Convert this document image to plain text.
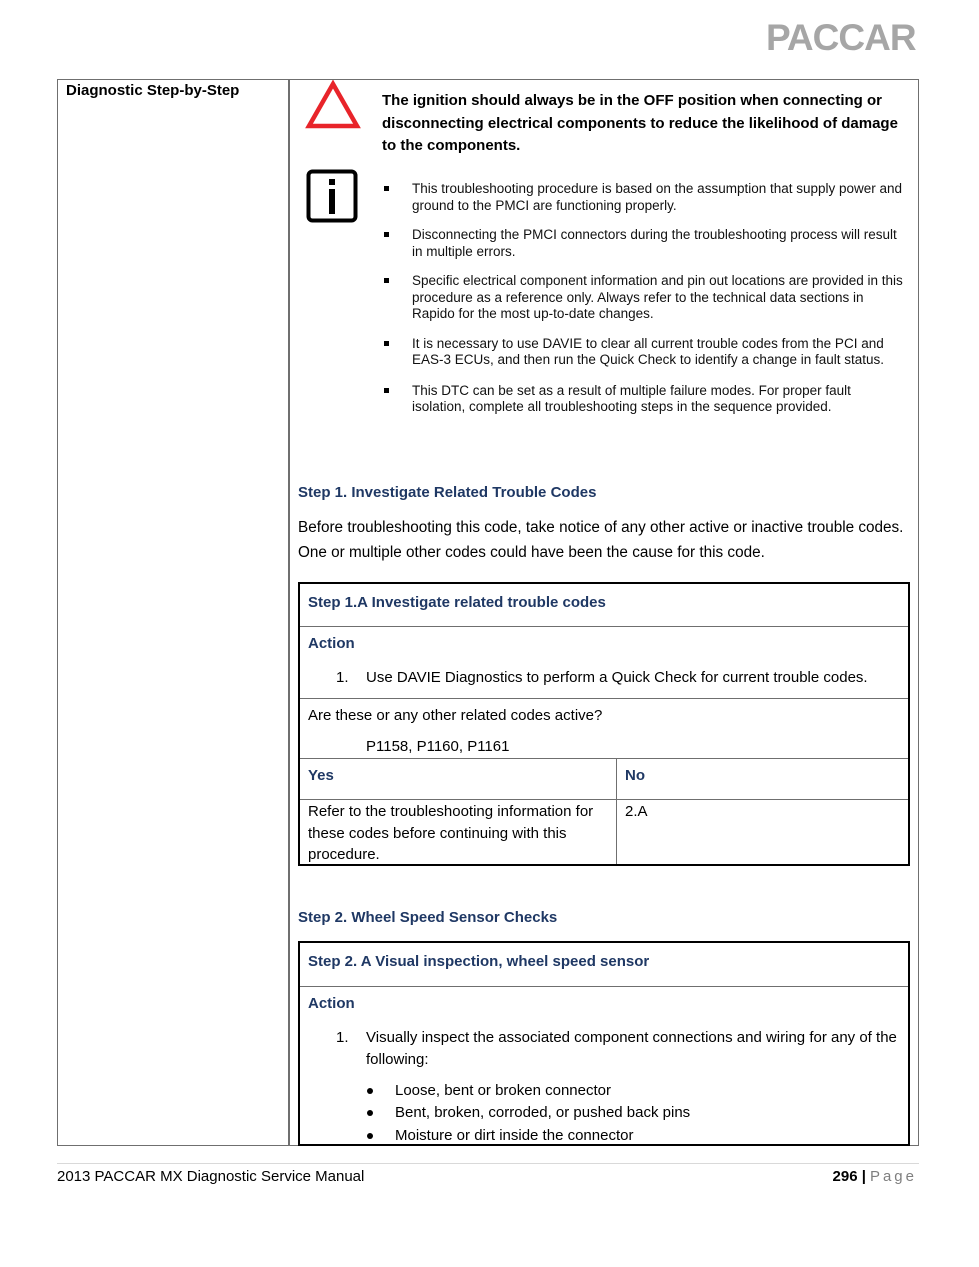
PACCAR
Diagnostic Step-by-Step
The ignition should always be in the OFF position when connecting or disconnecting electrical components to reduce the likelihood of damage to the components.
This troubleshooting procedure is based on the assumption that supply power and ground to the PMCI are functioning properly.
Disconnecting the PMCI connectors during the troubleshooting process will result in multiple errors.
Specific electrical component information and pin out locations are provided in this procedure as a reference only. Always refer to the technical data sections in Rapido for the most up-to-date changes.
It is necessary to use DAVIE to clear all current trouble codes from the PCI and EAS-3 ECUs, and then run the Quick Check to identify a change in fault status.
This DTC can be set as a result of multiple failure modes. For proper fault isolation, complete all troubleshooting steps in the sequence provided.
Step 1. Investigate Related Trouble Codes
Before troubleshooting this code, take notice of any other active or inactive trouble codes. One or multiple other codes could have been the cause for this code.
Step 1.A Investigate related trouble codes
Action
1. Use DAVIE Diagnostics to perform a Quick Check for current trouble codes.
Are these or any other related codes active?
P1158, P1160, P1161
Yes	No
Refer to the troubleshooting information for these codes before continuing with this procedure.
2.A
Step 2. Wheel Speed Sensor Checks
Step 2. A Visual inspection, wheel speed sensor
Action
1. Visually inspect the associated component connections and wiring for any of the following:
Loose, bent or broken connector
Bent, broken, corroded, or pushed back pins
Moisture or dirt inside the connector
2013 PACCAR MX Diagnostic Service Manual	296 | Page
